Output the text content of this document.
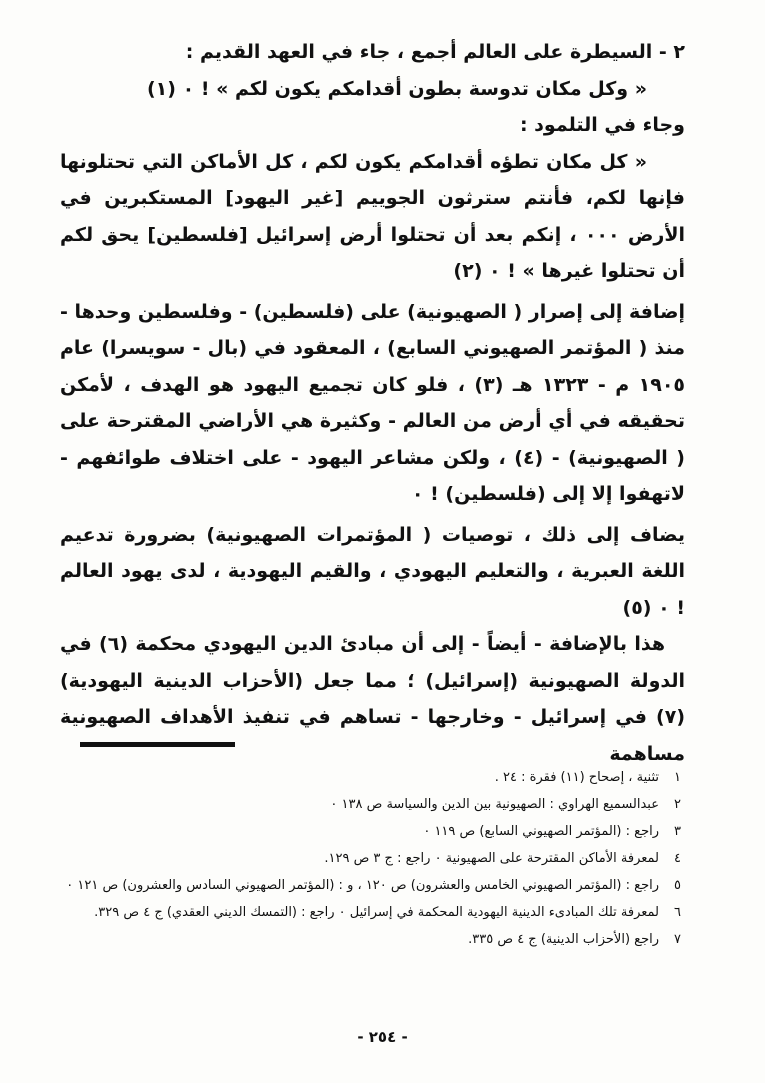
٢ - السيطرة على العالم أجمع ، جاء في العهد القديم :

« وكل مكان تدوسة بطون أقدامكم يكون لكم » ! ٠ (١)

وجاء في التلمود :

« كل مكان تطؤه أقدامكم يكون لكم ، كل الأماكن التي تحتلونها فإنها لكم، فأنتم سترثون الجوييم [غير اليهود] المستكبرين في الأرض ٠٠٠ ، إنكم بعد أن تحتلوا أرض إسرائيل [فلسطين] يحق لكم أن تحتلوا غيرها » ! ٠ (٢)

إضافة إلى إصرار ( الصهيونية) على (فلسطين) - وفلسطين وحدها - منذ ( المؤتمر الصهيوني السابع) ، المعقود في (بال - سويسرا) عام ١٩٠٥ م - ١٣٢٣ هـ (٣) ، فلو كان تجميع اليهود هو الهدف ، لأمكن تحقيقه في أي أرض من العالم - وكثيرة هي الأراضي المقترحة على ( الصهيونية) - (٤) ، ولكن مشاعر اليهود - على اختلاف طوائفهم - لاتهفوا إلا إلى (فلسطين) ! ٠

يضاف إلى ذلك ، توصيات ( المؤتمرات الصهيونية) بضرورة تدعيم اللغة العبرية ، والتعليم اليهودي ، والقيم اليهودية ، لدى يهود العالم ! ٠ (٥)

هذا بالإضافة - أيضاً - إلى أن مبادئ الدين اليهودي محكمة (٦) في الدولة الصهيونية (إسرائيل) ؛ مما جعل (الأحزاب الدينية اليهودية) (٧) في إسرائيل - وخارجها - تساهم في تنفيذ الأهداف الصهيونية مساهمة

١
تثنية ، إصحاح (١١) فقرة : ٢٤ .
٢
عبدالسميع الهراوي : الصهيونية بين الدين والسياسة ص ١٣٨ ٠
٣
راجع : (المؤتمر الصهيوني السابع) ص ١١٩ ٠
٤
لمعرفة الأماكن المقترحة على الصهيونية ٠ راجع : ج ٣ ص ١٢٩.
٥
راجع : (المؤتمر الصهيوني الخامس والعشرون) ص ١٢٠ ، و : (المؤتمر الصهيوني السادس والعشرون) ص ١٢١ ٠
٦
لمعرفة تلك المبادىء الدينية اليهودية المحكمة في إسرائيل ٠ راجع : (التمسك الديني العقدي) ج ٤ ص ٣٢٩.
٧
راجع (الأحزاب الدينية) ج ٤ ص ٣٣٥.
- ٢٥٤ -
